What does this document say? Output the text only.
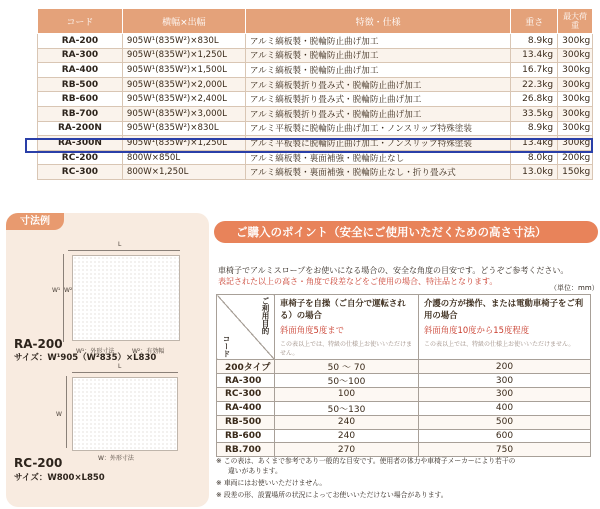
コード	横幅×出幅	特徴・仕様	重さ	最大荷重
RA-200	905W¹(835W²)×830L	アルミ縞板製・脱輪防止曲げ加工	8.9kg	300kg
RA-300	905W¹(835W²)×1,250L	アルミ縞板製・脱輪防止曲げ加工	13.4kg	300kg
RA-400	905W¹(835W²)×1,500L	アルミ縞板製・脱輪防止曲げ加工	16.7kg	300kg
RB-500	905W¹(835W²)×2,000L	アルミ縞板製折り畳み式・脱輪防止曲げ加工	22.3kg	300kg
RB-600	905W¹(835W²)×2,400L	アルミ縞板製折り畳み式・脱輪防止曲げ加工	26.8kg	300kg
RB-700	905W¹(835W²)×3,000L	アルミ縞板製折り畳み式・脱輪防止曲げ加工	33.5kg	300kg
RA-200N	905W¹(835W²)×830L	アルミ平板製に脱輪防止曲げ加工・ノンスリップ特殊塗装	8.9kg	300kg
RA-300N	905W¹(835W²)×1,250L	アルミ平板製に脱輪防止曲げ加工・ノンスリップ特殊塗装	13.4kg	300kg
RC-200	800W×850L	アルミ縞板製・裏面補強・脱輪防止なし	8.0kg	200kg
RC-300	800W×1,250L	アルミ縞板製・裏面補強・脱輪防止なし・折り畳み式	13.0kg	150kg
寸法例
L
W¹ W²
W¹：外形寸法	W²：有効幅
RA-200
サイズ：W¹905（W²835）×L830
L
W
W：外形寸法
RC-200
サイズ：W800×L850
ご購入のポイント（安全にご使用いただくための高さ寸法）
車椅子でアルミスロープをお使いになる場合の、安全な角度の目安です。どうぞご参考ください。
表記された以上の高さ・角度で段差などをご使用の場合、特注品となります。
（単位：mm）
ご利用目的
コード	車椅子を自操（ご自分で運転される）の場合
斜面角度5度まで
この表以上では、特級の仕様上お使いいただけません。	介護の方が操作、または電動車椅子をご利用の場合
斜面角度10度から15度程度
この表以上では、特級の仕様上お使いいただけません。

200タイプ	50 〜 70	200
RA-300	50〜100	300
RC-300	100	300
RA-400	50〜130	400
RB-500	240	500
RB-600	240	600
RB.700	270	750
※ この表は、あくまで参考であり一般的な目安です。使用者の体力や車椅子メーカーにより若干の
違いがあります。
※ 車両にはお使いいただけません。
※ 段差の形、設置場所の状況によってお使いいただけない場合があります。
